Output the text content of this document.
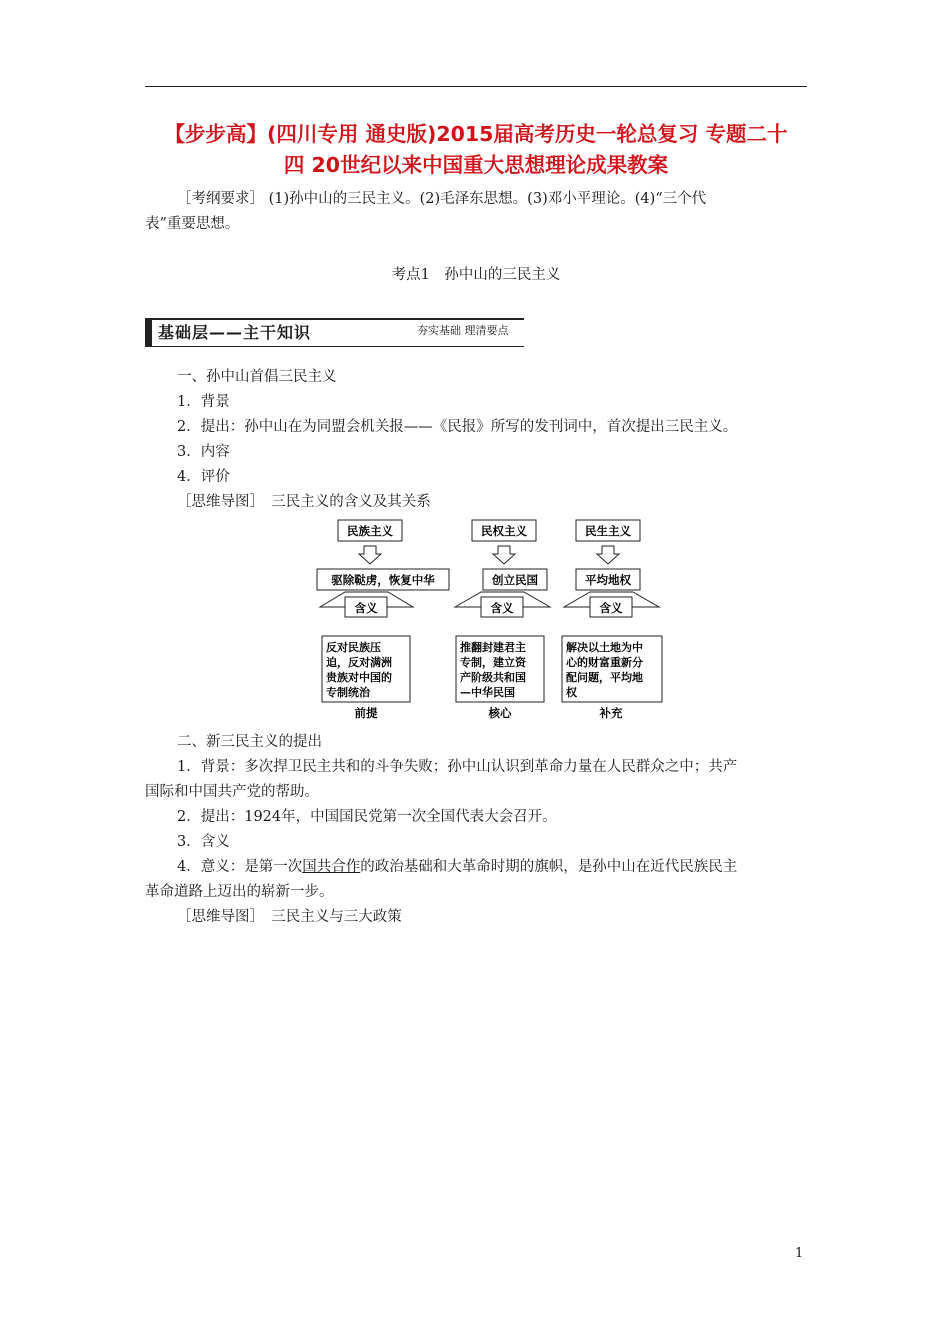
【步步高】(四川专用 通史版)2015届高考历史一轮总复习 专题二十
四 20世纪以来中国重大思想理论成果教案
［考纲要求］ (1)孙中山的三民主义。(2)毛泽东思想。(3)邓小平理论。(4)“三个代
表”重要思想。
考点1　孙中山的三民主义
基础层——主干知识	夯实基础 理清要点
一、孙中山首倡三民主义
1．背景
2．提出：孙中山在为同盟会机关报——《民报》所写的发刊词中，首次提出三民主义。
3．内容
4．评价
［思维导图］　三民主义的含义及其关系
民族主义
驱除鞑虏，恢复中华
含义
反对民族压
迫，反对满洲
贵族对中国的
专制统治
前提
民权主义
创立民国
含义
推翻封建君主
专制，建立资
产阶级共和国
—中华民国
核心
民生主义
平均地权
含义
解决以土地为中
心的财富重新分
配问题，平均地
权
补充
二、新三民主义的提出
1．背景：多次捍卫民主共和的斗争失败；孙中山认识到革命力量在人民群众之中；共产
国际和中国共产党的帮助。
2．提出：1924年，中国国民党第一次全国代表大会召开。
3．含义
4．意义：是第一次国共合作的政治基础和大革命时期的旗帜，是孙中山在近代民族民主
革命道路上迈出的崭新一步。
［思维导图］　三民主义与三大政策
1
